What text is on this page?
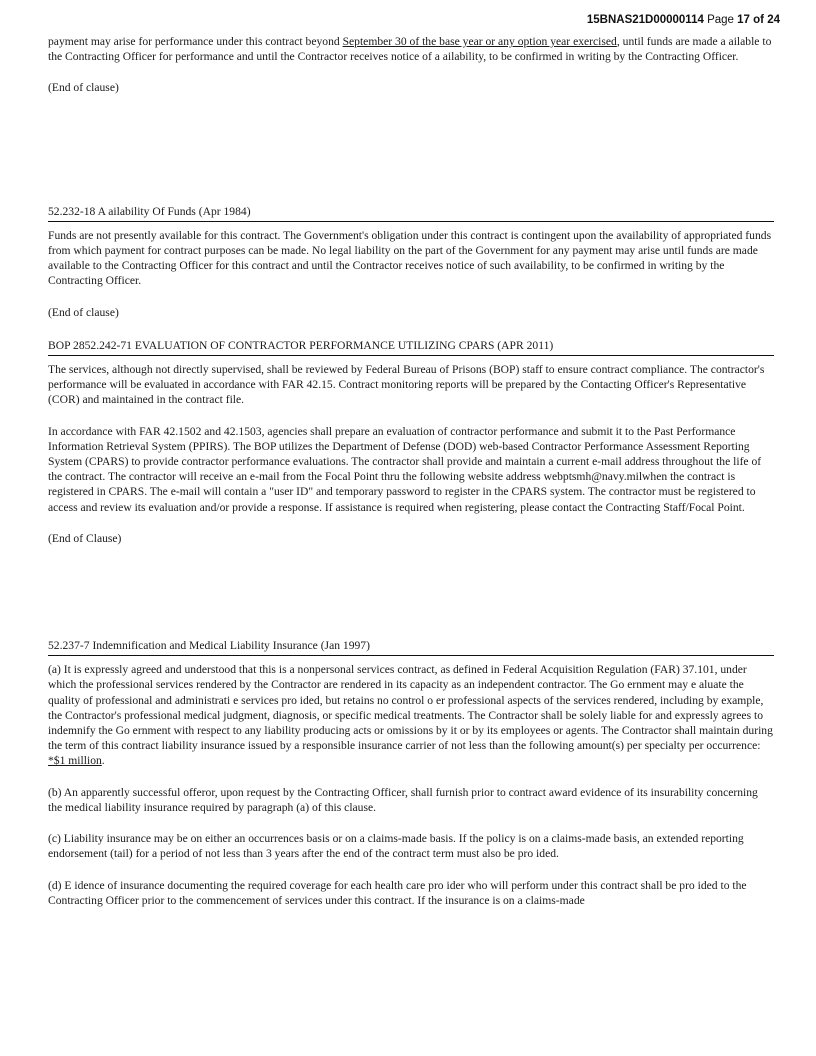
15BNAS21D00000114 Page 17 of 24

payment may arise for performance under this contract beyond September 30 of the base year or any option year exercised, until funds are made a ailable to the Contracting Officer for performance and until the Contractor receives notice of a ailability, to be confirmed in writing by the Contracting Officer.

(End of clause)

52.232-18 A ailability Of Funds (Apr 1984)

Funds are not presently available for this contract. The Government's obligation under this contract is contingent upon the availability of appropriated funds from which payment for contract purposes can be made. No legal liability on the part of the Government for any payment may arise until funds are made available to the Contracting Officer for this contract and until the Contractor receives notice of such availability, to be confirmed in writing by the Contracting Officer.

(End of clause)

BOP 2852.242-71 EVALUATION OF CONTRACTOR PERFORMANCE UTILIZING CPARS (APR 2011)

The services, although not directly supervised, shall be reviewed by Federal Bureau of Prisons (BOP) staff to ensure contract compliance. The contractor's performance will be evaluated in accordance with FAR 42.15. Contract monitoring reports will be prepared by the Contacting Officer's Representative (COR) and maintained in the contract file.

In accordance with FAR 42.1502 and 42.1503, agencies shall prepare an evaluation of contractor performance and submit it to the Past Performance Information Retrieval System (PPIRS). The BOP utilizes the Department of Defense (DOD) web-based Contractor Performance Assessment Reporting System (CPARS) to provide contractor performance evaluations. The contractor shall provide and maintain a current e-mail address throughout the life of the contract. The contractor will receive an e-mail from the Focal Point thru the following website address webptsmh@navy.milwhen the contract is registered in CPARS. The e-mail will contain a "user ID" and temporary password to register in the CPARS system. The contractor must be registered to access and review its evaluation and/or provide a response. If assistance is required when registering, please contact the Contracting Staff/Focal Point.

(End of Clause)

52.237-7 Indemnification and Medical Liability Insurance (Jan 1997)

(a) It is expressly agreed and understood that this is a nonpersonal services contract, as defined in Federal Acquisition Regulation (FAR) 37.101, under which the professional services rendered by the Contractor are rendered in its capacity as an independent contractor. The Go ernment may e aluate the quality of professional and administrati e services pro ided, but retains no control o er professional aspects of the services rendered, including by example, the Contractor's professional medical judgment, diagnosis, or specific medical treatments. The Contractor shall be solely liable for and expressly agrees to indemnify the Go ernment with respect to any liability producing acts or omissions by it or by its employees or agents. The Contractor shall maintain during the term of this contract liability insurance issued by a responsible insurance carrier of not less than the following amount(s) per specialty per occurrence: *$1 million.

(b) An apparently successful offeror, upon request by the Contracting Officer, shall furnish prior to contract award evidence of its insurability concerning the medical liability insurance required by paragraph (a) of this clause.

(c) Liability insurance may be on either an occurrences basis or on a claims-made basis. If the policy is on a claims-made basis, an extended reporting endorsement (tail) for a period of not less than 3 years after the end of the contract term must also be pro ided.

(d) E idence of insurance documenting the required coverage for each health care pro ider who will perform under this contract shall be pro ided to the Contracting Officer prior to the commencement of services under this contract. If the insurance is on a claims-made
